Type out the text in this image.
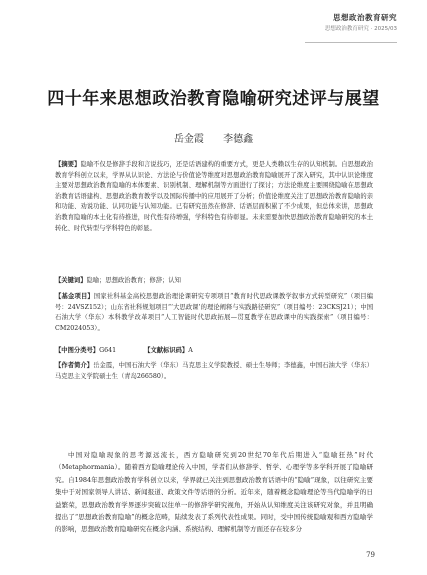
思想政治教育研究
思想政治教育研究 · 2025/03
四十年来思想政治教育隐喻研究述评与展望
岳金霞 李德鑫

【摘要】隐喻不仅是修辞手段和言说技巧，还是话语建构的重要方式，更是人类赖以生存的认知机制。自思想政治教育学科创立以来，学界从认识论、方法论与价值论等维度对思想政治教育隐喻展开了深入研究，其中认识论维度主要对思想政治教育隐喻的本体要素、识别机制、理解机制等方面进行了探讨；方法论维度主要围绕隐喻在思想政治教育话语建构、思想政治教育教学以及国际传播中的应用展开了分析；价值论维度关注了思想政治教育隐喻的亲和功能、劝说功能、认同功能与认知功能。已有研究虽然在修辞、话语层面积累了不少成果，但总体来讲，思想政治教育隐喻的本土化有待推进，时代性有待增强，学科特色有待彰显。未来需要加快思想政治教育隐喻研究的本土转化、时代转型与学科特色的彰显。

【关键词】隐喻；思想政治教育；修辞；认知

【基金项目】国家社科基金高校思想政治理论课研究专项项目“教育时代思政课教学叙事方式转型研究”（项目编号：24VSZ152）；山东省社科规划项目“‘大思政课’的理论阐释与实践路径研究”（项目编号：23CKSJ21）；中国石油大学（华东）本科教学改革项目“人工智能时代思政拓展—贯夏教学在思政课中的实践探索”（项目编号：CM2024053）。

【中图分类号】G641	【文献标识码】A

【作者简介】岳金霞，中国石油大学（华东）马克思主义学院教授、硕士生导师；李德鑫，中国石油大学（华东）马克思主义学院硕士生（青岛266580）。

中国对隐喻现象的思考源远流长，西方隐喻研究到20世纪70年代后期进入“隐喻狂热”时代（Metaphormania）。随着西方隐喻理论传入中国，学者们从修辞学、哲学、心理学等多学科开展了隐喻研究。自1984年思想政治教育学科创立以来，学界就已关注到思想政治教育话语中的“隐喻”现象，以往研究主要集中于对国家领导人讲话、新闻报道、政策文件等话语的分析。近年来，随着概念隐喻理论等当代隐喻学的日益繁荣，思想政治教育学界逐步突破以往单一的修辞学研究视角，开始从认知维度关注该研究对象，并且明确提出了“思想政治教育隐喻”的概念范畴，陆续发表了系列代表性成果。同时，受中国传统隐喻观和西方隐喻学的影响，思想政治教育隐喻研究在概念内涵、系统结构、理解机制等方面还存在较多分

79
